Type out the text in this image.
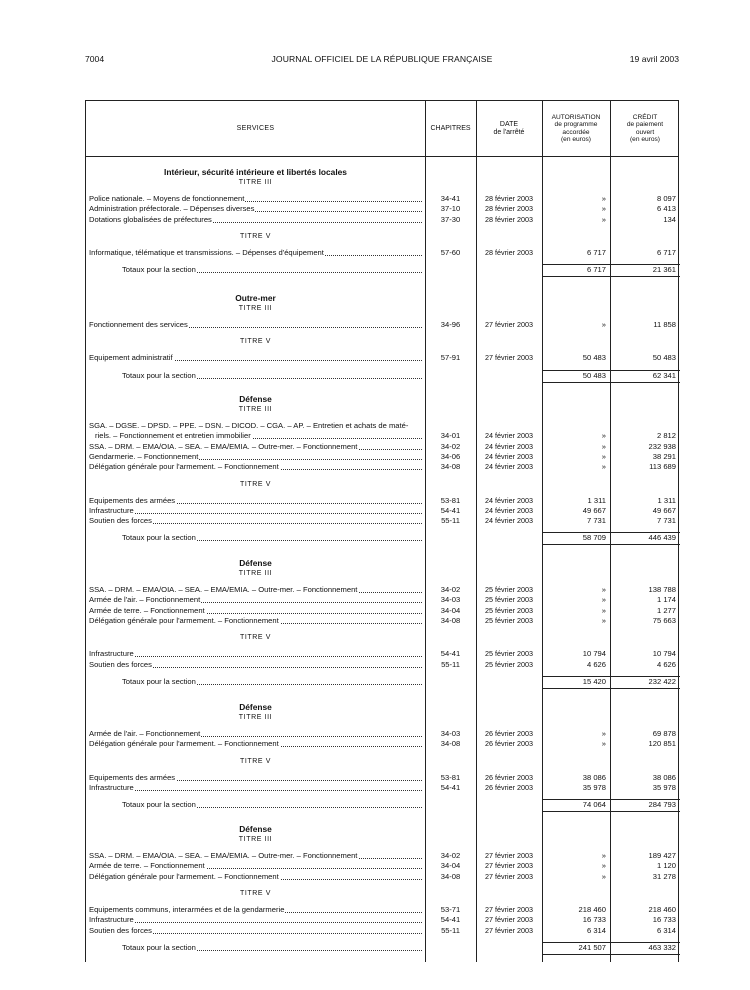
7004	JOURNAL OFFICIEL DE LA RÉPUBLIQUE FRANÇAISE	19 avril 2003
SERVICES	CHAPITRES
DATE
de l'arrêté
AUTORISATION
de programme
accordée
(en euros)
CRÉDIT
de paiement
ouvert
(en euros)
Intérieur, sécurité intérieure et libertés locales
TITRE III
Police nationale. – Moyens de fonctionnement	34-41	28 février 2003	»	8 097
Administration préfectorale. – Dépenses diverses	37-10	28 février 2003	»	6 413
Dotations globalisées de préfectures	37-30	28 février 2003	»	134
TITRE V
Informatique, télématique et transmissions. – Dépenses d'équipement	57-60	28 février 2003	6 717	6 717
Totaux pour la section	6 717	21 361
Outre-mer
TITRE III
Fonctionnement des services	34-96	27 février 2003	»	11 858
TITRE V
Equipement administratif	57-91	27 février 2003	50 483	50 483
Totaux pour la section	50 483	62 341
Défense
TITRE III
SGA. – DGSE. – DPSD. – PPE. – DSN. – DICOD. – CGA. – AP. – Entretien et achats de maté-
riels. – Fonctionnement et entretien immobilier	34-01	24 février 2003	»	2 812
SSA. – DRM. – EMA/OIA. – SEA. – EMA/EMIA. – Outre-mer. – Fonctionnement	34-02	24 février 2003	»	232 938
Gendarmerie. – Fonctionnement	34-06	24 février 2003	»	38 291
Délégation générale pour l'armement. – Fonctionnement	34-08	24 février 2003	»	113 689
TITRE V
Equipements des armées	53-81	24 février 2003	1 311	1 311
Infrastructure	54-41	24 février 2003	49 667	49 667
Soutien des forces	55-11	24 février 2003	7 731	7 731
Totaux pour la section	58 709	446 439
Défense
TITRE III
SSA. – DRM. – EMA/OIA. – SEA. – EMA/EMIA. – Outre-mer. – Fonctionnement	34-02	25 février 2003	»	138 788
Armée de l'air. – Fonctionnement	34-03	25 février 2003	»	1 174
Armée de terre. – Fonctionnement	34-04	25 février 2003	»	1 277
Délégation générale pour l'armement. – Fonctionnement	34-08	25 février 2003	»	75 663
TITRE V
Infrastructure	54-41	25 février 2003	10 794	10 794
Soutien des forces	55-11	25 février 2003	4 626	4 626
Totaux pour la section	15 420	232 422
Défense
TITRE III
Armée de l'air. – Fonctionnement	34-03	26 février 2003	»	69 878
Délégation générale pour l'armement. – Fonctionnement	34-08	26 février 2003	»	120 851
TITRE V
Equipements des armées	53-81	26 février 2003	38 086	38 086
Infrastructure	54-41	26 février 2003	35 978	35 978
Totaux pour la section	74 064	284 793
Défense
TITRE III
SSA. – DRM. – EMA/OIA. – SEA. – EMA/EMIA. – Outre-mer. – Fonctionnement	34-02	27 février 2003	»	189 427
Armée de terre. – Fonctionnement	34-04	27 février 2003	»	1 120
Délégation générale pour l'armement. – Fonctionnement	34-08	27 février 2003	»	31 278
TITRE V
Equipements communs, interarmées et de la gendarmerie	53-71	27 février 2003	218 460	218 460
Infrastructure	54-41	27 février 2003	16 733	16 733
Soutien des forces	55-11	27 février 2003	6 314	6 314
Totaux pour la section	241 507	463 332
